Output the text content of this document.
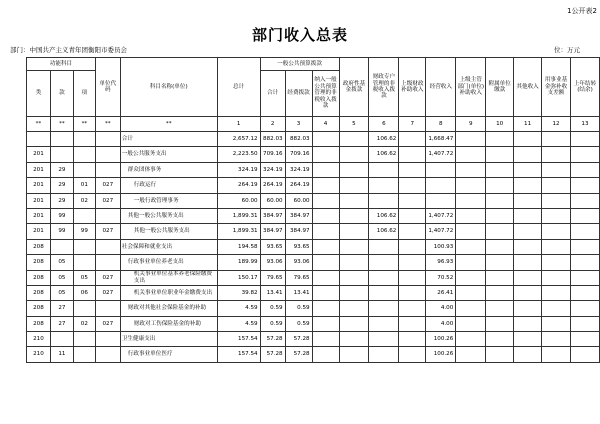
1公开表2
部门收入总表
部门：中国共产主义青年团衡阳市委员会	位：万元
功能科目			单位代码	科目名称(单位)	总计	一般公共预算拨款			政府性基金拨款	财政专户管理的非税收入拨款	上级财政补助收入	经营收入	上级主管部门(单位)补助收入	附属单位缴款	其他收入	用事业基金弥补收支差额	上年结转(结余)
类	款	项				合计	经费拨款	纳入一般公共预算管理的非税收入拨款									

**	**	**	**	**	1	2	3	4	5	6	7	8	9	10	11	12	13
				合计	2,657.12	882.03	882.03			106.62		1,668.47					
201				一般公共服务支出	2,223.50	709.16	709.16			106.62		1,407.72					
201	29			群众团体事务	324.19	324.19	324.19										
201	29	01	027	行政运行	264.19	264.19	264.19										
201	29	02	027	一般行政管理事务	60.00	60.00	60.00										
201	99			其他一般公共服务支出	1,899.31	384.97	384.97			106.62		1,407.72					
201	99	99	027	其他一般公共服务支出	1,899.31	384.97	384.97			106.62		1,407.72					
208				社会保障和就业支出	194.58	93.65	93.65					100.93					
208	05			行政事业单位养老支出	189.99	93.06	93.06					96.93					
208	05	05	027	机关事业单位基本养老保险缴费支出	150.17	79.65	79.65					70.52					
208	05	06	027	机关事业单位职业年金缴费支出	39.82	13.41	13.41					26.41					
208	27			财政对其他社会保险基金的补助	4.59	0.59	0.59					4.00					
208	27	02	027	财政对工伤保险基金的补助	4.59	0.59	0.59					4.00					
210				卫生健康支出	157.54	57.28	57.28					100.26					
210	11			行政事业单位医疗	157.54	57.28	57.28					100.26					
